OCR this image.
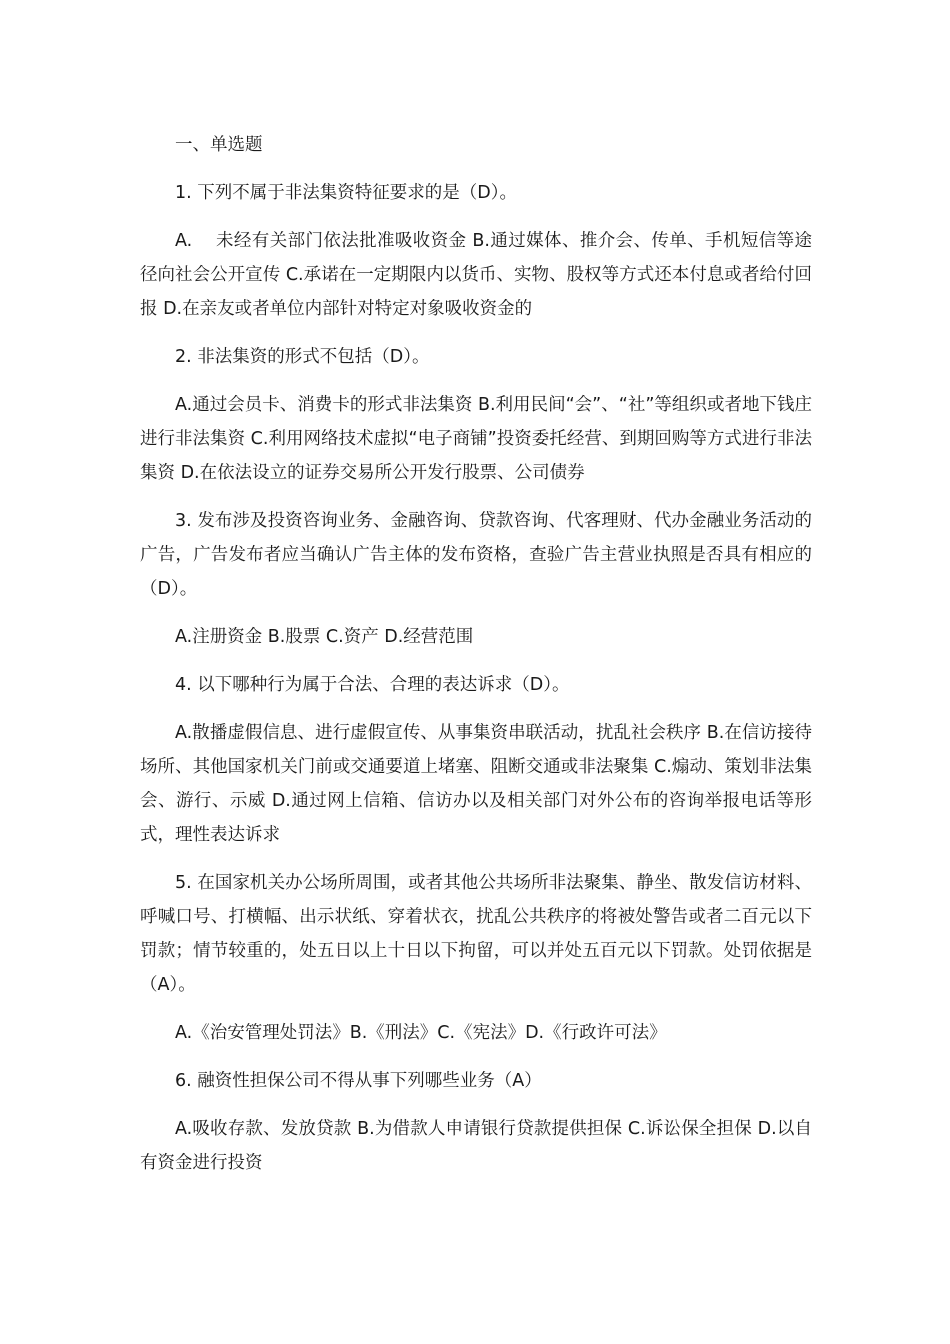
一、单选题

1. 下列不属于非法集资特征要求的是（D）。

A.    未经有关部门依法批准吸收资金 B.通过媒体、推介会、传单、手机短信等途径向社会公开宣传 C.承诺在一定期限内以货币、实物、股权等方式还本付息或者给付回报 D.在亲友或者单位内部针对特定对象吸收资金的

2. 非法集资的形式不包括（D）。

A.通过会员卡、消费卡的形式非法集资 B.利用民间“会”、“社”等组织或者地下钱庄进行非法集资 C.利用网络技术虚拟“电子商铺”投资委托经营、到期回购等方式进行非法集资 D.在依法设立的证券交易所公开发行股票、公司债券

3. 发布涉及投资咨询业务、金融咨询、贷款咨询、代客理财、代办金融业务活动的广告，广告发布者应当确认广告主体的发布资格，查验广告主营业执照是否具有相应的（D）。

A.注册资金 B.股票 C.资产 D.经营范围

4. 以下哪种行为属于合法、合理的表达诉求（D）。

A.散播虚假信息、进行虚假宣传、从事集资串联活动，扰乱社会秩序 B.在信访接待场所、其他国家机关门前或交通要道上堵塞、阻断交通或非法聚集 C.煽动、策划非法集会、游行、示威 D.通过网上信箱、信访办以及相关部门对外公布的咨询举报电话等形式，理性表达诉求

5. 在国家机关办公场所周围，或者其他公共场所非法聚集、静坐、散发信访材料、呼喊口号、打横幅、出示状纸、穿着状衣，扰乱公共秩序的将被处警告或者二百元以下罚款；情节较重的，处五日以上十日以下拘留，可以并处五百元以下罚款。处罚依据是（A）。

A.《治安管理处罚法》B.《刑法》C.《宪法》D.《行政许可法》

6. 融资性担保公司不得从事下列哪些业务（A）

A.吸收存款、发放贷款 B.为借款人申请银行贷款提供担保 C.诉讼保全担保 D.以自有资金进行投资
